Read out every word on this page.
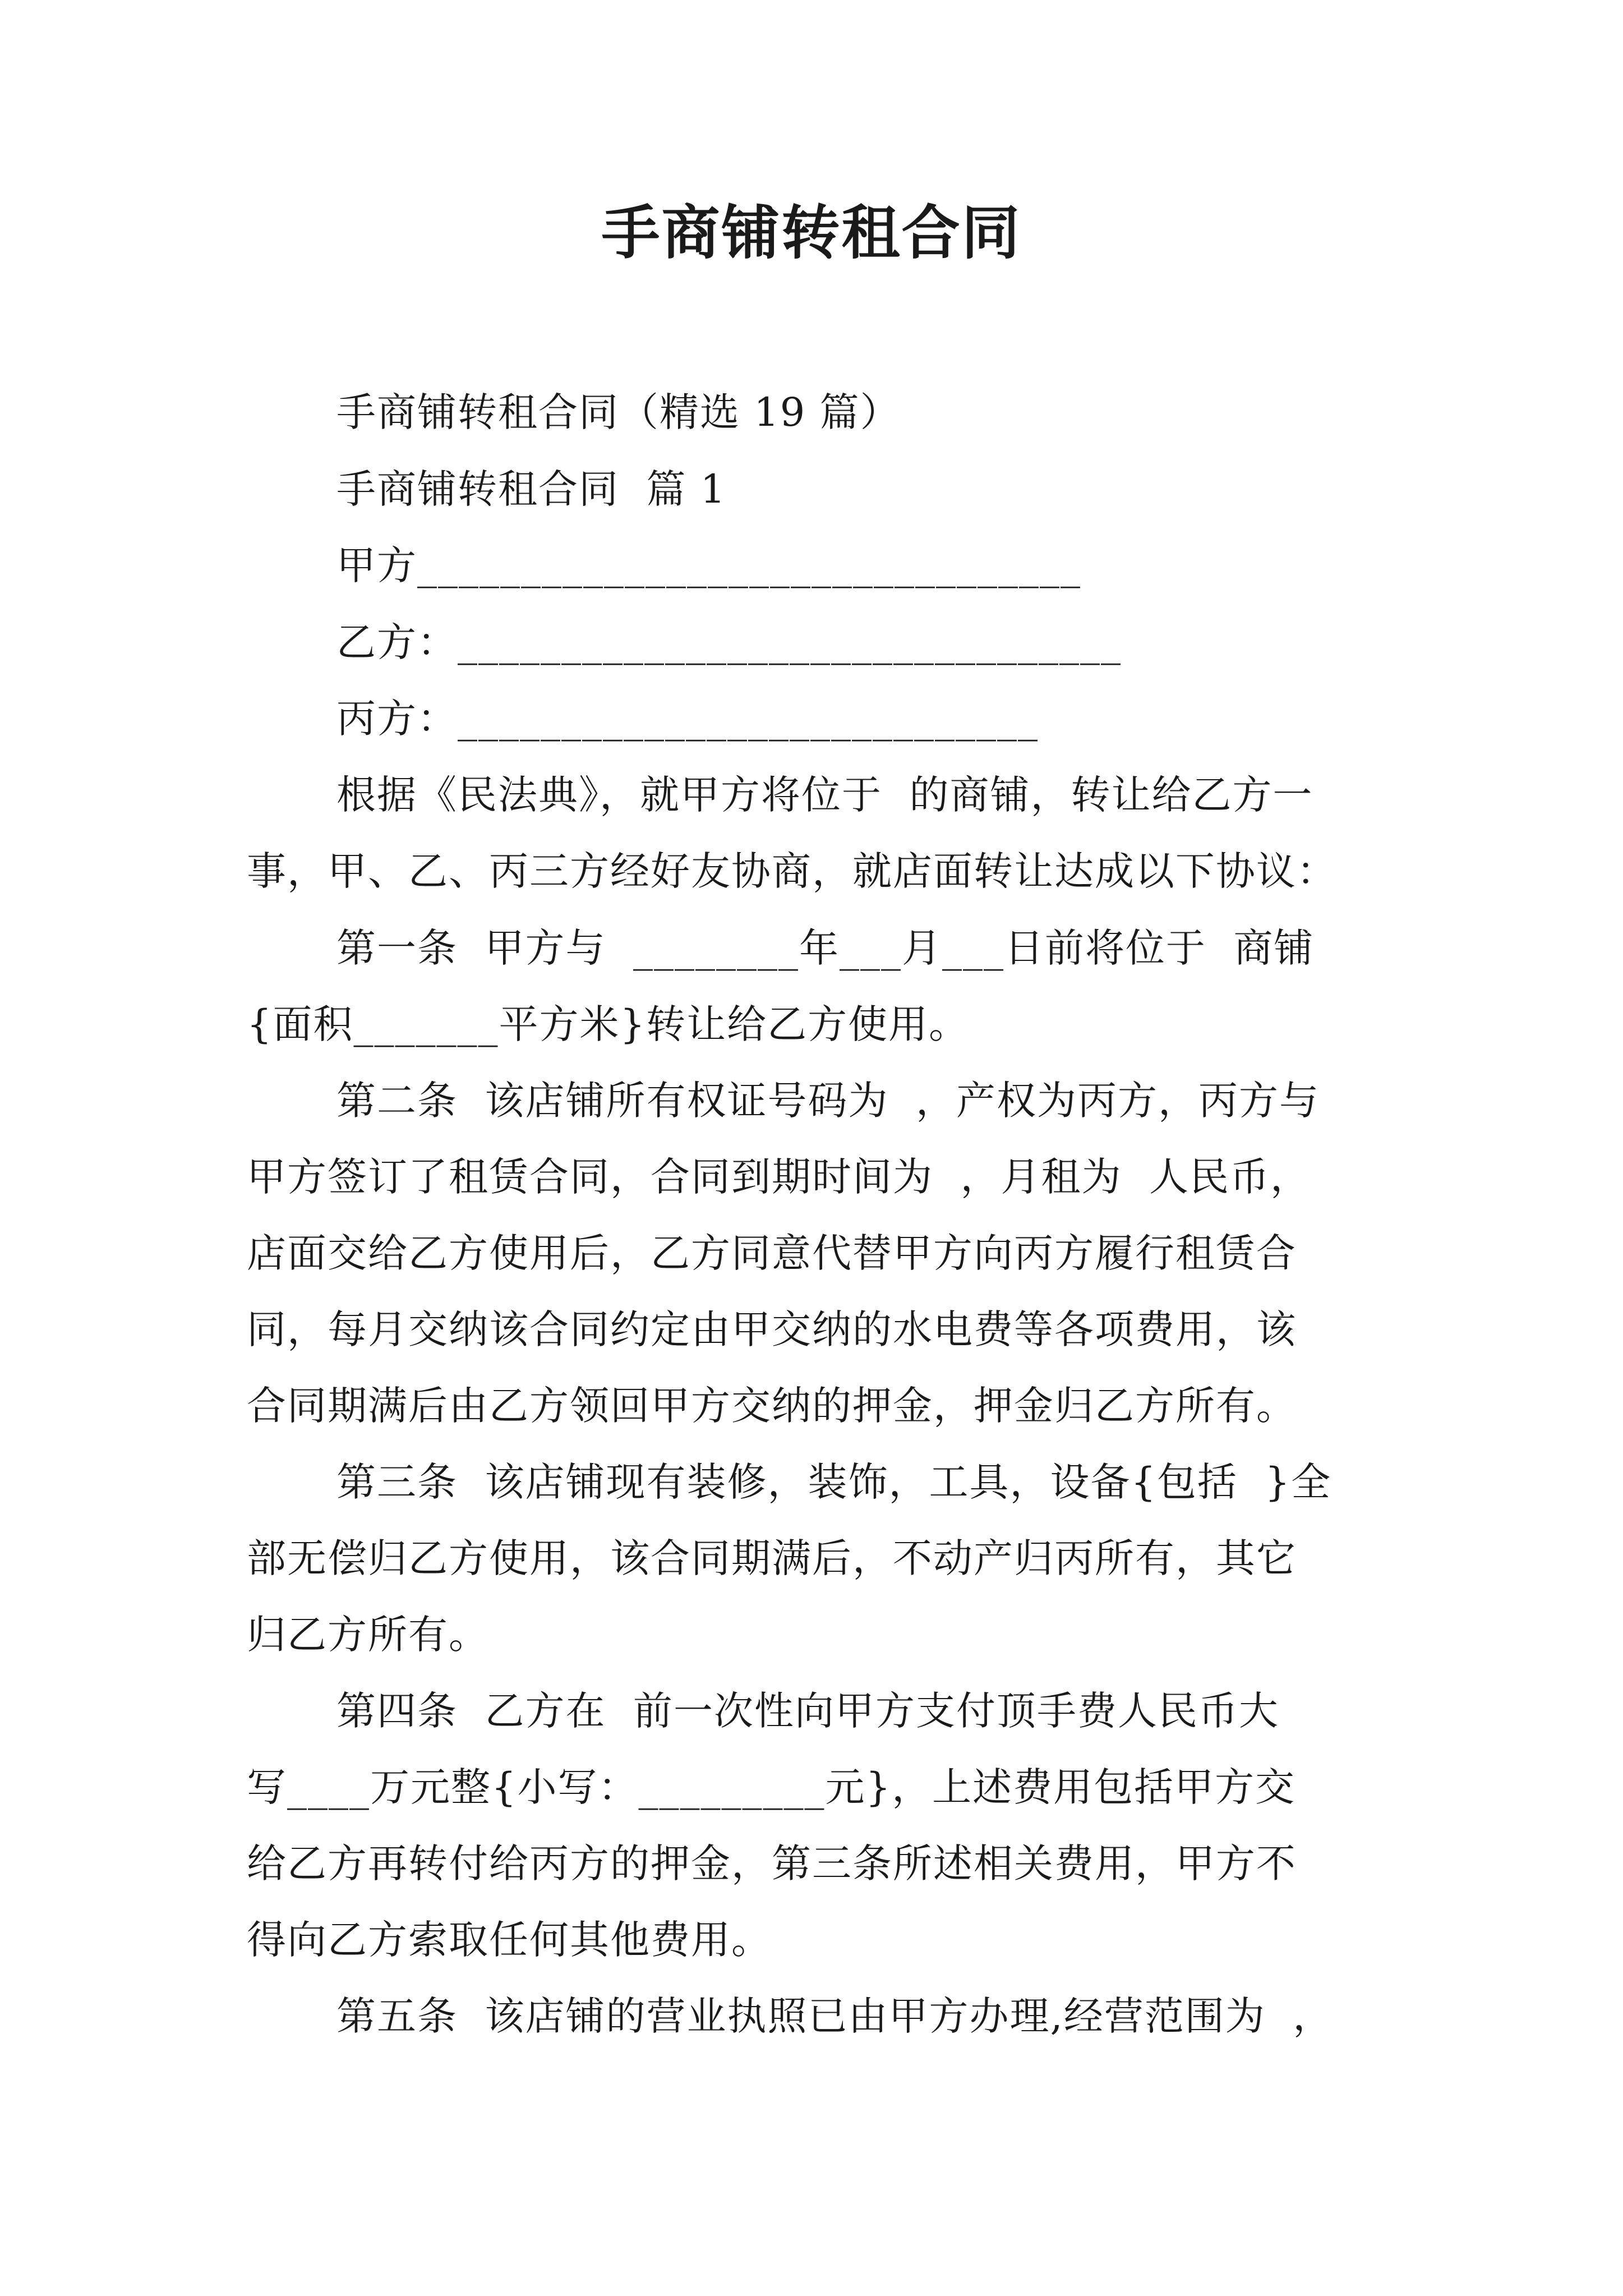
手商铺转租合同

手商铺转租合同（精选 19 篇）

手商铺转租合同  篇 1

甲方________________________________

乙方：________________________________

丙方：____________________________

根据《民法典》，就甲方将位于  的商铺，转让给乙方一

事，甲、乙、丙三方经好友协商，就店面转让达成以下协议：

第一条  甲方与  ________年___月___日前将位于  商铺

{面积_______平方米}转让给乙方使用。

第二条  该店铺所有权证号码为  ，产权为丙方，丙方与

甲方签订了租赁合同，合同到期时间为  ，月租为  人民币，

店面交给乙方使用后，乙方同意代替甲方向丙方履行租赁合

同，每月交纳该合同约定由甲交纳的水电费等各项费用，该

合同期满后由乙方领回甲方交纳的押金，押金归乙方所有。

第三条  该店铺现有装修，装饰，工具，设备{包括  }全

部无偿归乙方使用，该合同期满后，不动产归丙所有，其它

归乙方所有。

第四条  乙方在  前一次性向甲方支付顶手费人民币大

写____万元整{小写：_________元}，上述费用包括甲方交

给乙方再转付给丙方的押金，第三条所述相关费用，甲方不

得向乙方索取任何其他费用。

第五条  该店铺的营业执照已由甲方办理,经营范围为  ，
